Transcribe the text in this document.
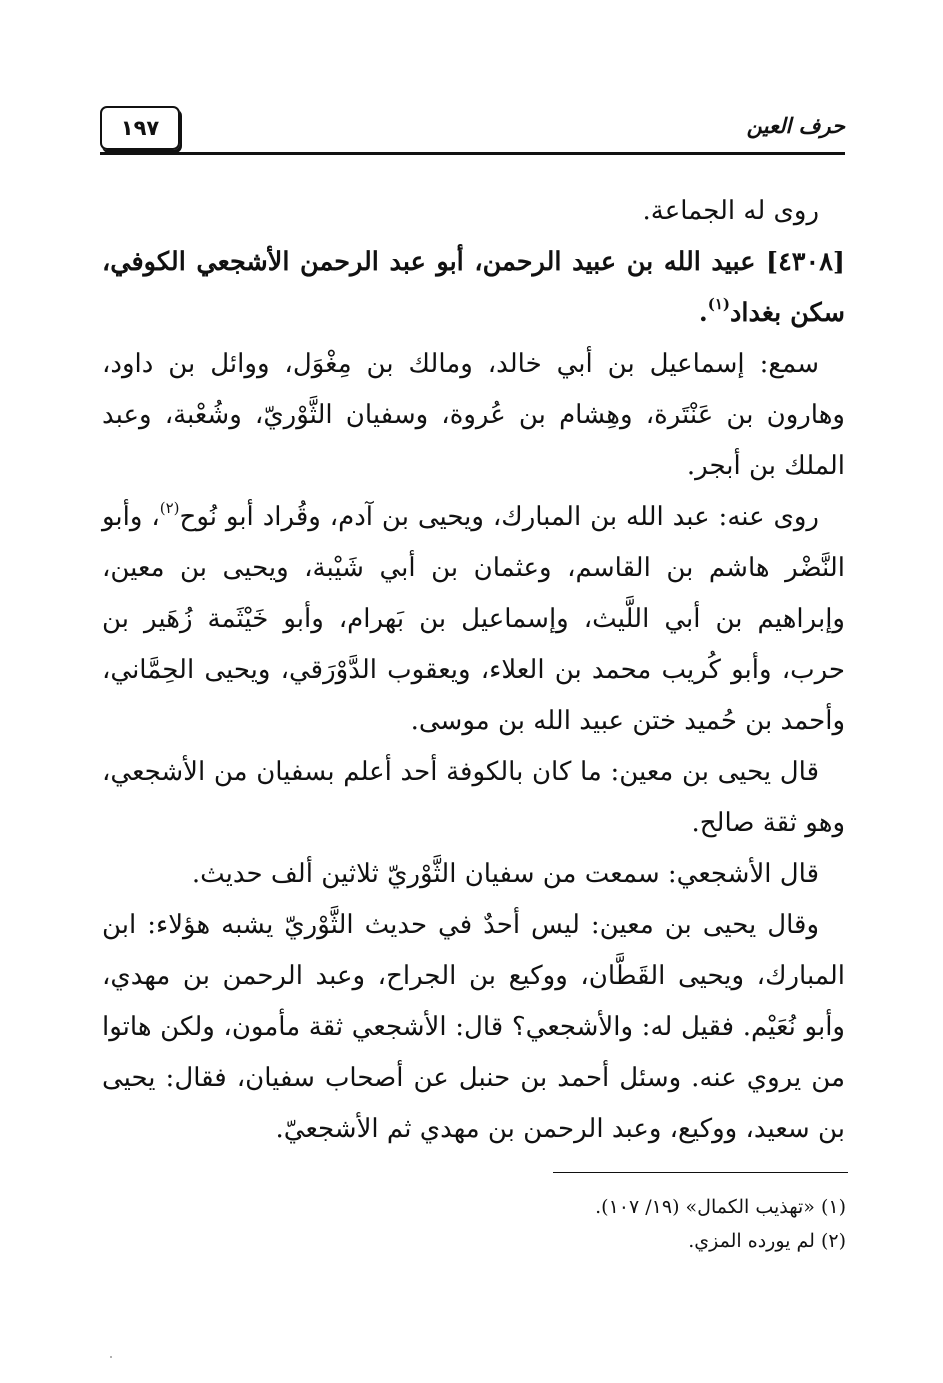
١٩٧	حرف العين

روى له الجماعة.

[٤٣٠٨] عبيد الله بن عبيد الرحمن، أبو عبد الرحمن الأشجعي الكوفي، سكن بغداد$^{(١)}$.

سمع: إسماعيل بن أبي خالد، ومالك بن مِغْوَل، ووائل بن داود، وهارون بن عَنْتَرة، وهِشام بن عُروة، وسفيان الثَّوْريّ، وشُعْبة، وعبد الملك بن أبجر.

روى عنه: عبد الله بن المبارك، ويحيى بن آدم، وقُراد أبو نُوح$^{(٢)}$، وأبو النَّضْر هاشم بن القاسم، وعثمان بن أبي شَيْبة، ويحيى بن معين، وإبراهيم بن أبي اللَّيث، وإسماعيل بن بَهرام، وأبو خَيْثَمة زُهَير بن حرب، وأبو كُريب محمد بن العلاء، ويعقوب الدَّوْرَقي، ويحيى الحِمَّاني، وأحمد بن حُميد ختن عبيد الله بن موسى.

قال يحيى بن معين: ما كان بالكوفة أحد أعلم بسفيان من الأشجعي، وهو ثقة صالح.

قال الأشجعي: سمعت من سفيان الثَّوْريّ ثلاثين ألف حديث.

وقال يحيى بن معين: ليس أحدٌ في حديث الثَّوْريّ يشبه هؤلاء: ابن المبارك، ويحيى القَطَّان، ووكيع بن الجراح، وعبد الرحمن بن مهدي، وأبو نُعَيْم. فقيل له: والأشجعي؟ قال: الأشجعي ثقة مأمون، ولكن هاتوا من يروي عنه. وسئل أحمد بن حنبل عن أصحاب سفيان، فقال: يحيى بن سعيد، ووكيع، وعبد الرحمن بن مهدي ثم الأشجعيّ.

(١) «تهذيب الكمال» (١٩/ ١٠٧).

(٢) لم يورده المزي.
